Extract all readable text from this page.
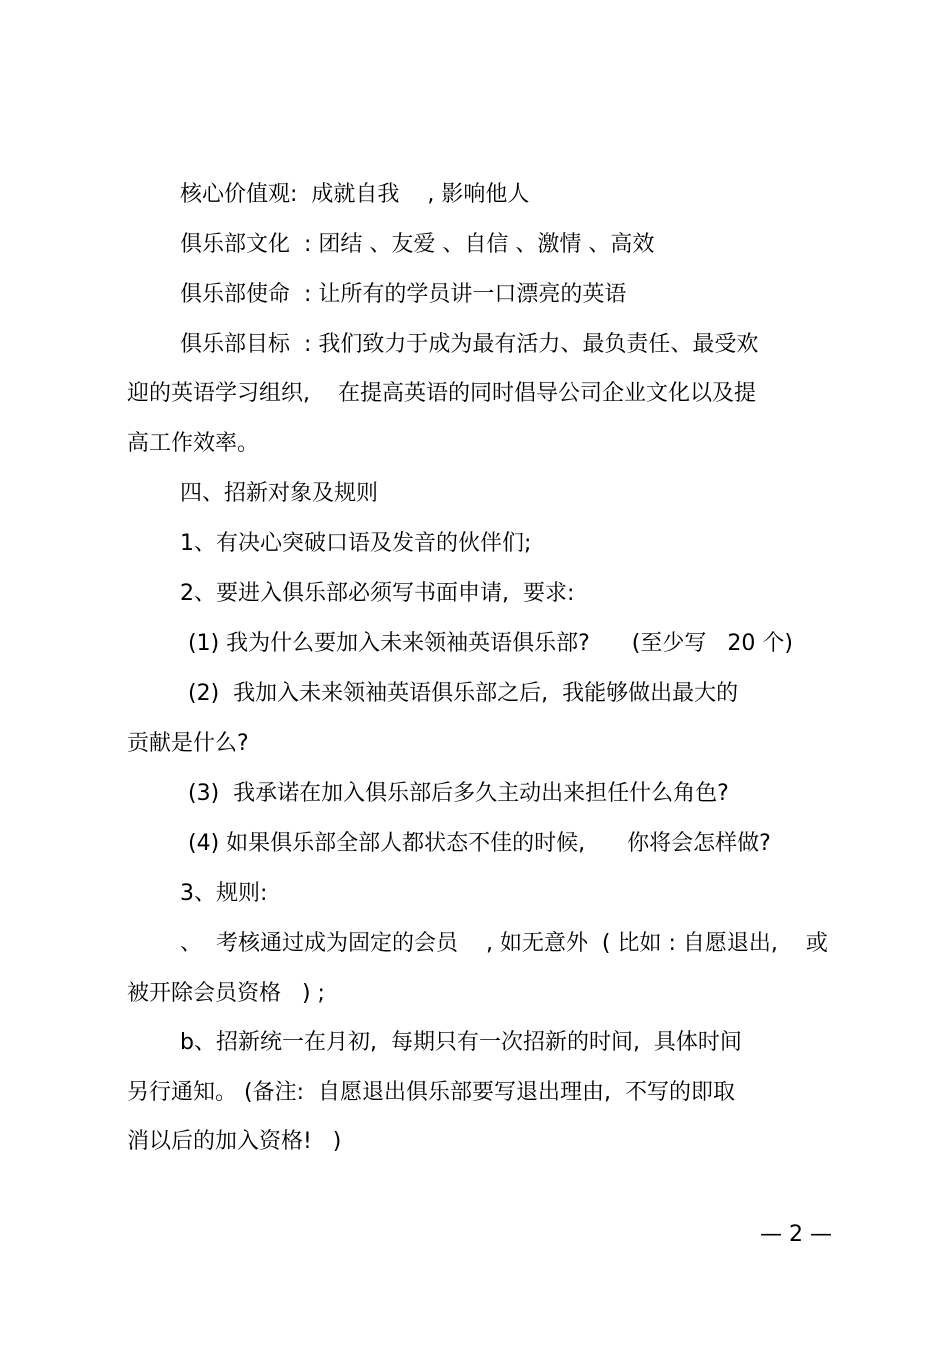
核心价值观:  成就自我    , 影响他人

俱乐部文化  : 团结 、友爱 、自信 、激情 、高效

俱乐部使命  : 让所有的学员讲一口漂亮的英语

俱乐部目标  : 我们致力于成为最有活力、最负责任、最受欢

迎的英语学习组织,    在提高英语的同时倡导公司企业文化以及提

高工作效率。

四、招新对象及规则

1、有决心突破口语及发音的伙伴们;

2、要进入俱乐部必须写书面申请,  要求:

(1) 我为什么要加入未来领袖英语俱乐部?      (至少写   20 个)

(2)  我加入未来领袖英语俱乐部之后,  我能够做出最大的

贡献是什么?

(3)  我承诺在加入俱乐部后多久主动出来担任什么角色?

(4) 如果俱乐部全部人都状态不佳的时候,      你将会怎样做?

3、规则:

、  考核通过成为固定的会员    , 如无意外  ( 比如 : 自愿退出,    或

被开除会员资格   ) ;

b、招新统一在月初,  每期只有一次招新的时间,  具体时间

另行通知。 (备注:  自愿退出俱乐部要写退出理由,  不写的即取

消以后的加入资格!   )

— 2 —
